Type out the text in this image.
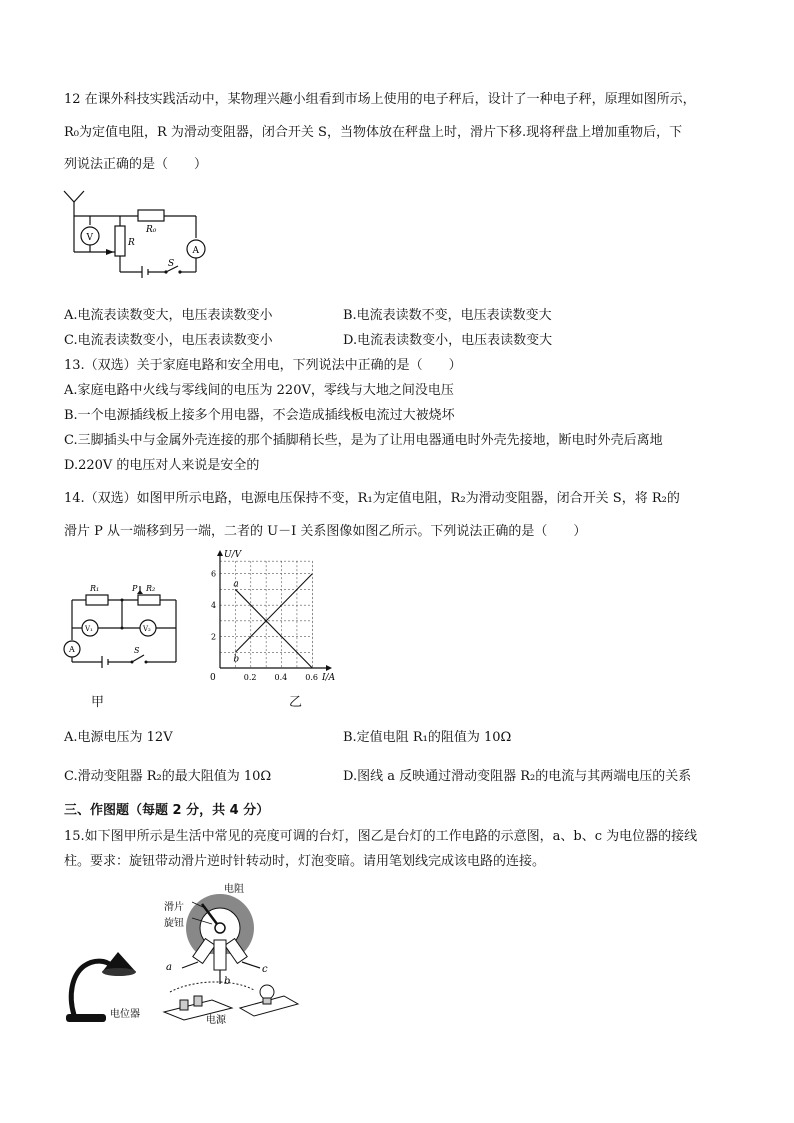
12 在课外科技实践活动中，某物理兴趣小组看到市场上使用的电子秤后，设计了一种电子秤，原理如图所示，
R₀为定值电阻，R 为滑动变阻器，闭合开关 S，当物体放在秤盘上时，滑片下移.现将秤盘上增加重物后，下
列说法正确的是（　　）
R₀
R
V
A
S
A.电流表读数变大，电压表读数变小	B.电流表读数不变，电压表读数变大
C.电流表读数变小，电压表读数变小	D.电流表读数变小，电压表读数变大
13.（双选）关于家庭电路和安全用电，下列说法中正确的是（　　）
A.家庭电路中火线与零线间的电压为 220V，零线与大地之间没电压
B.一个电源插线板上接多个用电器，不会造成插线板电流过大被烧坏
C.三脚插头中与金属外壳连接的那个插脚稍长些，是为了让用电器通电时外壳先接地，断电时外壳后离地
D.220V 的电压对人来说是安全的
14.（双选）如图甲所示电路，电源电压保持不变，R₁为定值电阻，R₂为滑动变阻器，闭合开关 S，将 R₂的
滑片 P 从一端移到另一端，二者的 U－I 关系图像如图乙所示。下列说法正确的是（　　）
R₁	P R₂
V₁	V₂
A	S
甲
0.2 0.4 0.6
2
4
6
a
b
U/V
I/A
0
乙
A.电源电压为 12V	B.定值电阻 R₁的阻值为 10Ω
C.滑动变阻器 R₂的最大阻值为 10Ω	D.图线 a 反映通过滑动变阻器 R₂的电流与其两端电压的关系
三、作图题（每题 2 分，共 4 分）
15.如下图甲所示是生活中常见的亮度可调的台灯，图乙是台灯的工作电路的示意图，a、b、c 为电位器的接线
柱。要求：旋钮带动滑片逆时针转动时，灯泡变暗。请用笔划线完成该电路的连接。
电阻
滑片
旋钮
a	c
b
电位器
电源
